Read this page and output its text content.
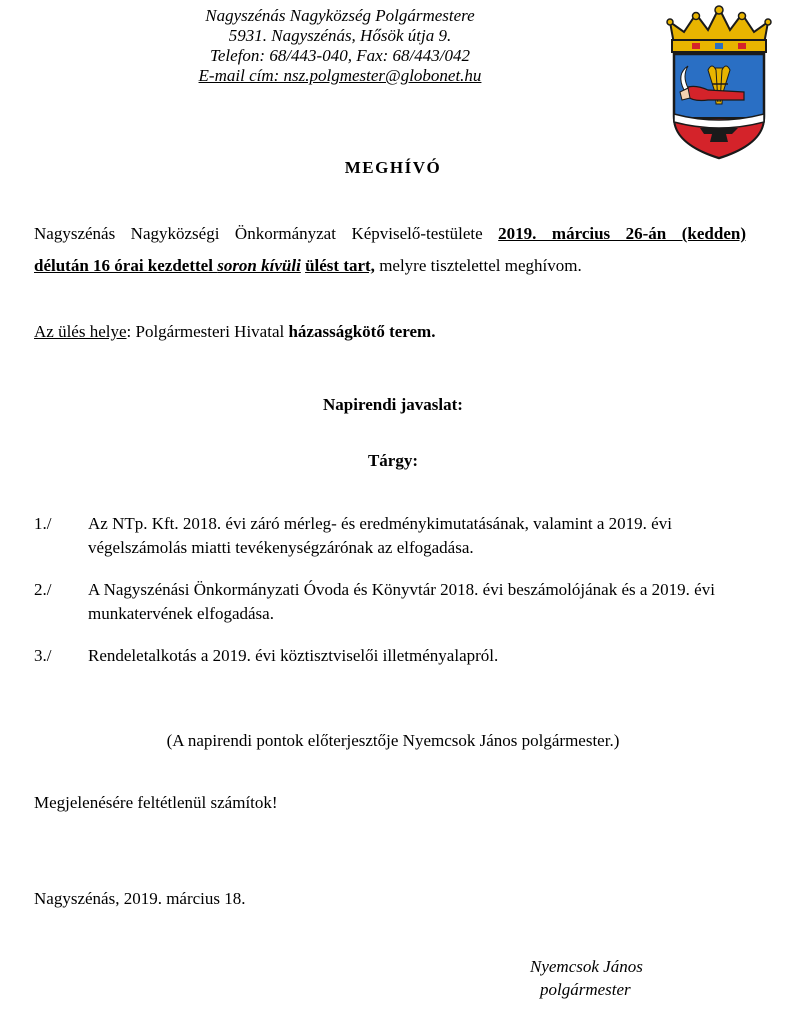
Nagyszénás Nagyközség Polgármestere
5931. Nagyszénás, Hősök útja 9.
Telefon: 68/443-040, Fax: 68/443/042
E-mail cím: nsz.polgmester@globonet.hu
MEGHÍVÓ
Nagyszénás Nagyközségi Önkormányzat Képviselő-testülete 2019. március 26-án (kedden)
délután 16 órai kezdettel soron kívüli ülést tart, melyre tisztelettel meghívom.
Az ülés helye: Polgármesteri Hivatal házasságkötő terem.
Napirendi javaslat:
Tárgy:
1./ Az NTp. Kft. 2018. évi záró mérleg- és eredménykimutatásának, valamint a 2019. évi végelszámolás miatti tevékenységzárónak az elfogadása.
2./ A Nagyszénási Önkormányzati Óvoda és Könyvtár 2018. évi beszámolójának és a 2019. évi munkatervének elfogadása.
3./ Rendeletalkotás a 2019. évi köztisztviselői illetményalapról.
(A napirendi pontok előterjesztője Nyemcsok János polgármester.)
Megjelenésére feltétlenül számítok!
Nagyszénás, 2019. március 18.
Nyemcsok János
polgármester
